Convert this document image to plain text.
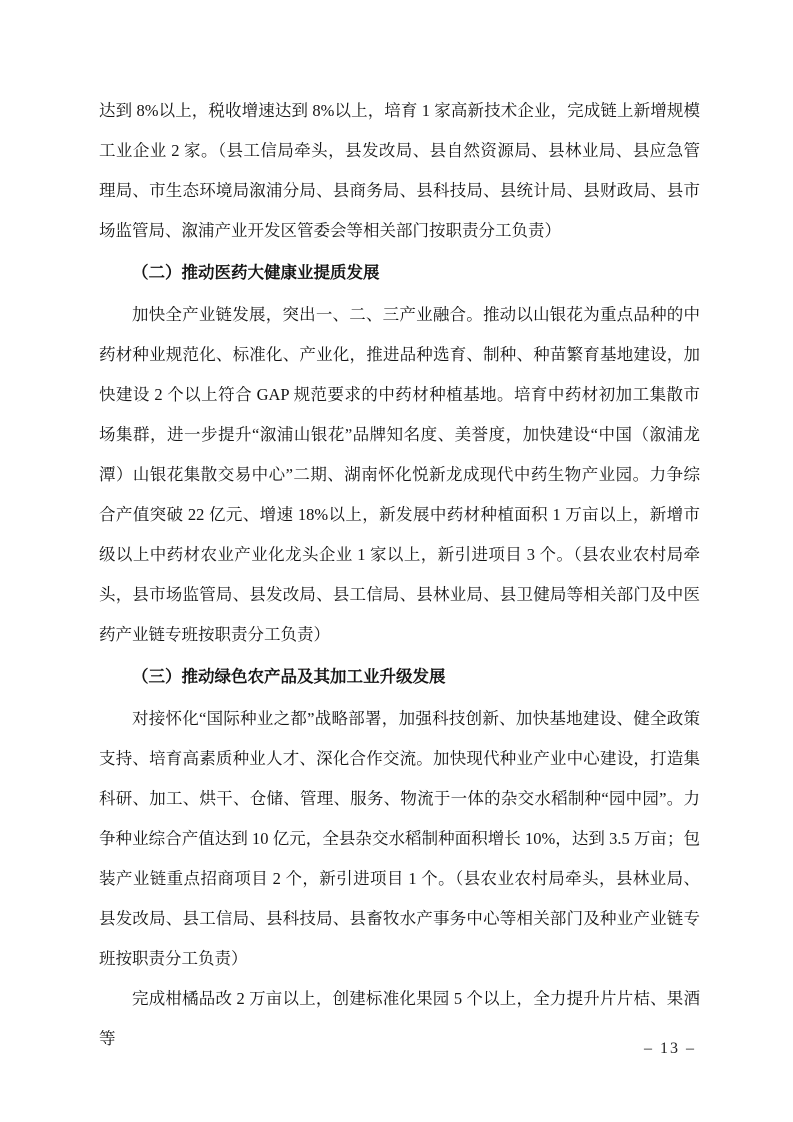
达到 8%以上，税收增速达到 8%以上，培育 1 家高新技术企业，完成链上新增规模工业企业 2 家。（县工信局牵头，县发改局、县自然资源局、县林业局、县应急管理局、市生态环境局溆浦分局、县商务局、县科技局、县统计局、县财政局、县市场监管局、溆浦产业开发区管委会等相关部门按职责分工负责）

（二）推动医药大健康业提质发展

加快全产业链发展，突出一、二、三产业融合。推动以山银花为重点品种的中药材种业规范化、标准化、产业化，推进品种选育、制种、种苗繁育基地建设，加快建设 2 个以上符合 GAP 规范要求的中药材种植基地。培育中药材初加工集散市场集群，进一步提升“溆浦山银花”品牌知名度、美誉度，加快建设“中国（溆浦龙潭）山银花集散交易中心”二期、湖南怀化悦新龙成现代中药生物产业园。力争综合产值突破 22 亿元、增速 18%以上，新发展中药材种植面积 1 万亩以上，新增市级以上中药材农业产业化龙头企业 1 家以上，新引进项目 3 个。（县农业农村局牵头，县市场监管局、县发改局、县工信局、县林业局、县卫健局等相关部门及中医药产业链专班按职责分工负责）

（三）推动绿色农产品及其加工业升级发展

对接怀化“国际种业之都”战略部署，加强科技创新、加快基地建设、健全政策支持、培育高素质种业人才、深化合作交流。加快现代种业产业中心建设，打造集科研、加工、烘干、仓储、管理、服务、物流于一体的杂交水稻制种“园中园”。力争种业综合产值达到 10 亿元，全县杂交水稻制种面积增长 10%，达到 3.5 万亩；包装产业链重点招商项目 2 个，新引进项目 1 个。（县农业农村局牵头，县林业局、县发改局、县工信局、县科技局、县畜牧水产事务中心等相关部门及种业产业链专班按职责分工负责）

完成柑橘品改 2 万亩以上，创建标准化果园 5 个以上，全力提升片片桔、果酒等

– 13 –
